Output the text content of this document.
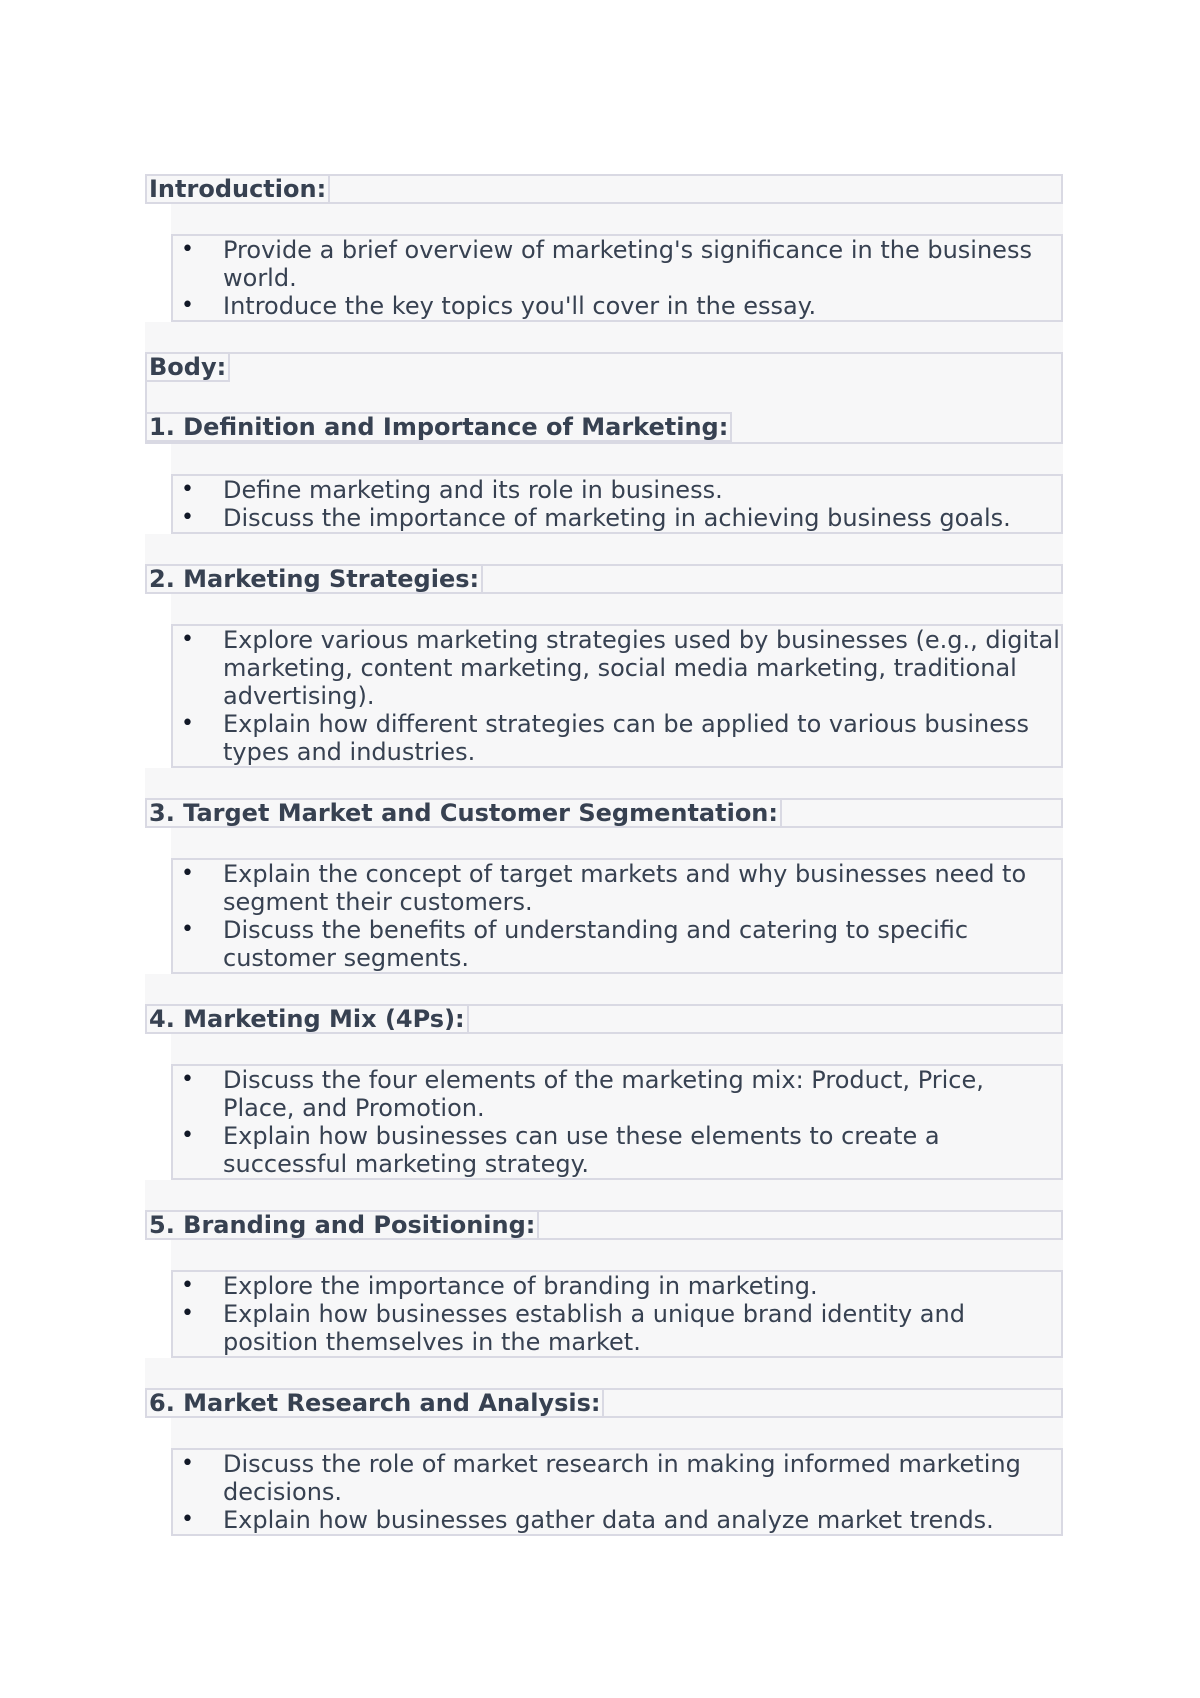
Introduction:
• Provide a brief overview of marketing's significance in the business world.
• Introduce the key topics you'll cover in the essay.
Body:
1. Definition and Importance of Marketing:
• Define marketing and its role in business.
• Discuss the importance of marketing in achieving business goals.
2. Marketing Strategies:
• Explore various marketing strategies used by businesses (e.g., digital marketing, content marketing, social media marketing, traditional advertising).
• Explain how different strategies can be applied to various business types and industries.
3. Target Market and Customer Segmentation:
• Explain the concept of target markets and why businesses need to segment their customers.
• Discuss the benefits of understanding and catering to specific customer segments.
4. Marketing Mix (4Ps):
• Discuss the four elements of the marketing mix: Product, Price, Place, and Promotion.
• Explain how businesses can use these elements to create a successful marketing strategy.
5. Branding and Positioning:
• Explore the importance of branding in marketing.
• Explain how businesses establish a unique brand identity and position themselves in the market.
6. Market Research and Analysis:
• Discuss the role of market research in making informed marketing decisions.
• Explain how businesses gather data and analyze market trends.
